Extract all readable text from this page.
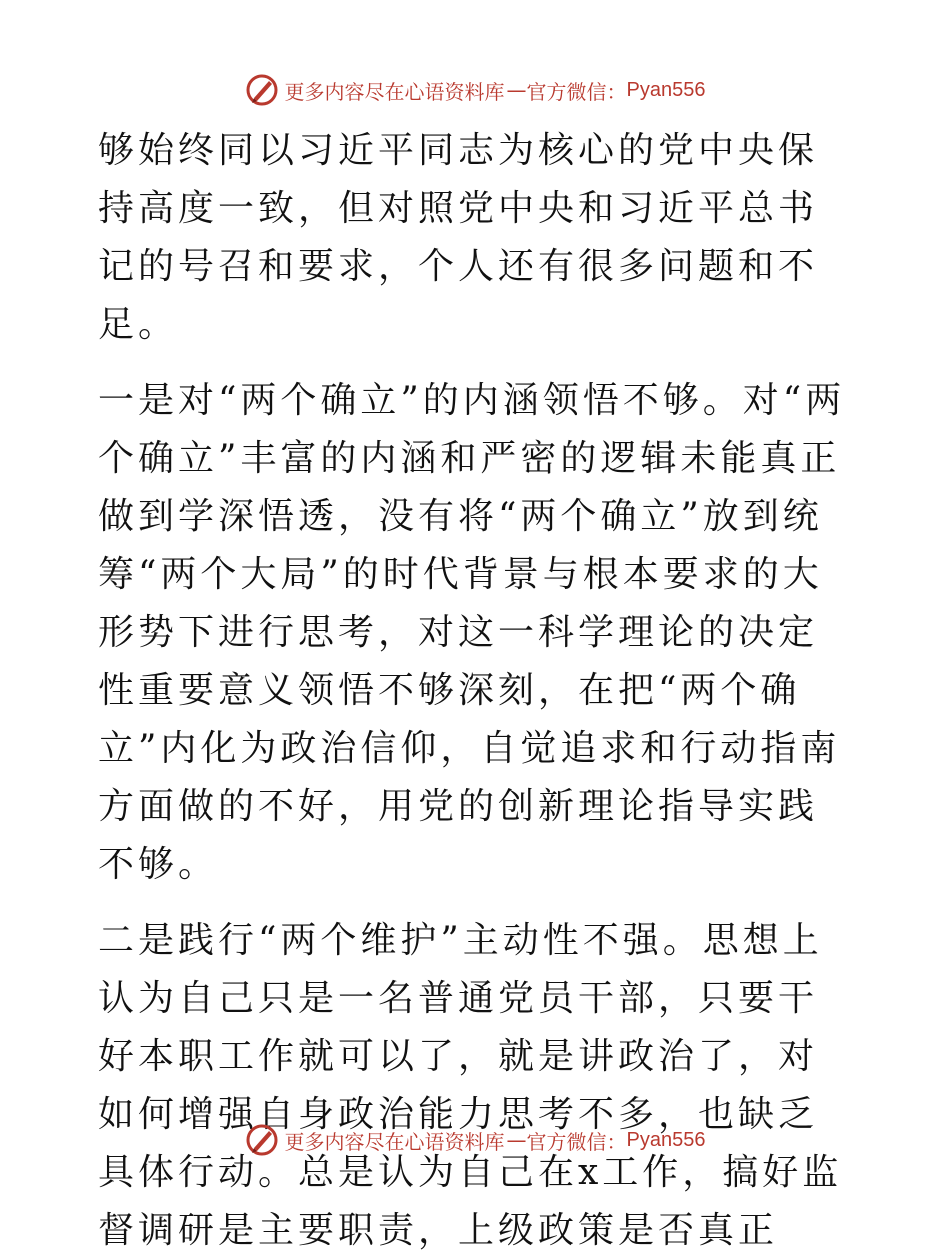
更多内容尽在心语资料库 — 官方微信： Pyan556

够始终同以习近平同志为核心的党中央保持高度一致，但对照党中央和习近平总书记的号召和要求，个人还有很多问题和不足。

一是对“两个确立”的内涵领悟不够。对“两个确立”丰富的内涵和严密的逻辑未能真正做到学深悟透，没有将“两个确立”放到统筹“两个大局”的时代背景与根本要求的大形势下进行思考，对这一科学理论的决定性重要意义领悟不够深刻，在把“两个确立”内化为政治信仰，自觉追求和行动指南方面做的不好，用党的创新理论指导实践不够。

二是践行“两个维护”主动性不强。思想上认为自己只是一名普通党员干部，只要干好本职工作就可以了，就是讲政治了，对如何增强自身政治能力思考不多，也缺乏具体行动。总是认为自己在x工作，搞好监督调研是主要职责，上级政策是否真正

更多内容尽在心语资料库 — 官方微信： Pyan556
